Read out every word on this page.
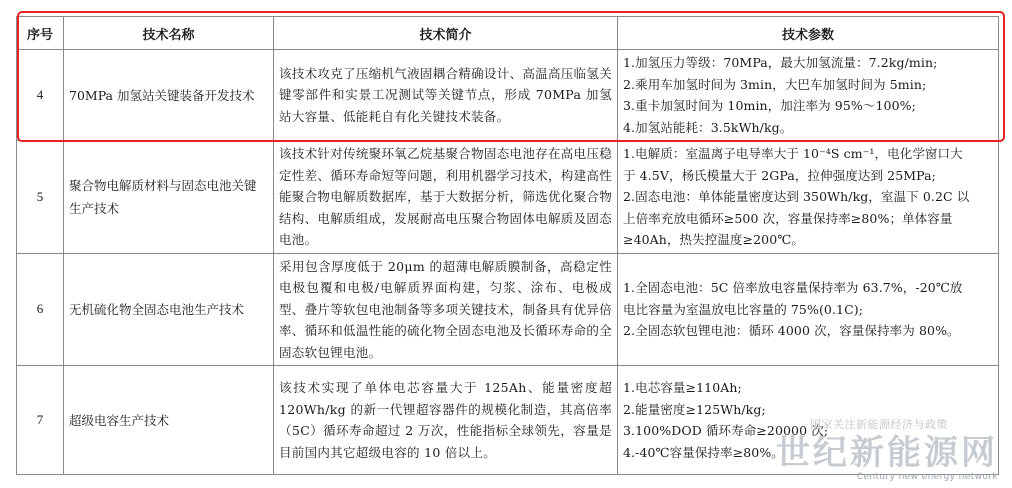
序号	技术名称	技术简介	技术参数
4	70MPa 加氢站关键装备开发技术	该技术攻克了压缩机气液固耦合精确设计、高温高压临氢关键零部件和实景工况测试等关键节点，形成 70MPa 加氢站大容量、低能耗自有化关键技术装备。	1.加氢压力等级：70MPa，最大加氢流量：7.2kg/min;
2.乘用车加氢时间为 3min，大巴车加氢时间为 5min;
3.重卡加氢时间为 10min，加注率为 95%～100%;
4.加氢站能耗：3.5kWh/kg。

5	聚合物电解质材料与固态电池关键生产技术	该技术针对传统聚环氧乙烷基聚合物固态电池存在高电压稳定性差、循环寿命短等问题，利用机器学习技术，构建高性能聚合物电解质数据库，基于大数据分析，筛选优化聚合物结构、电解质组成，发展耐高电压聚合物固体电解质及固态电池。	1.电解质：室温离子电导率大于 10⁻⁴S cm⁻¹，电化学窗口大
于 4.5V，杨氏模量大于 2GPa，拉伸强度达到 25MPa;
2.固态电池：单体能量密度达到 350Wh/kg，室温下 0.2C 以
上倍率充放电循环≥500 次，容量保持率≥80%；单体容量
≥40Ah，热失控温度≥200℃。

6	无机硫化物全固态电池生产技术	采用包含厚度低于 20μm 的超薄电解质膜制备，高稳定性电极包覆和电极/电解质界面构建，匀浆、涂布、电极成型、叠片等软包电池制备等多项关键技术，制备具有优异倍率、循环和低温性能的硫化物全固态电池及长循环寿命的全固态软包锂电池。	1.全固态电池：5C 倍率放电容量保持率为 63.7%，-20℃放
电比容量为室温放电比容量的 75%(0.1C);
2.全固态软包锂电池：循环 4000 次，容量保持率为 80%。

7	超级电容生产技术	该技术实现了单体电芯容量大于 125Ah、能量密度超 120Wh/kg 的新一代锂超容器件的规模化制造，其高倍率（5C）循环寿命超过 2 万次，性能指标全球领先，容量是目前国内其它超级电容的 10 倍以上。	1.电芯容量≥110Ah;
2.能量密度≥125Wh/kg;
3.100%DOD 循环寿命≥20000 次;
4.-40℃容量保持率≥80%。
国家关注新能源经济与政策
世纪新能源网
Century new energy network
